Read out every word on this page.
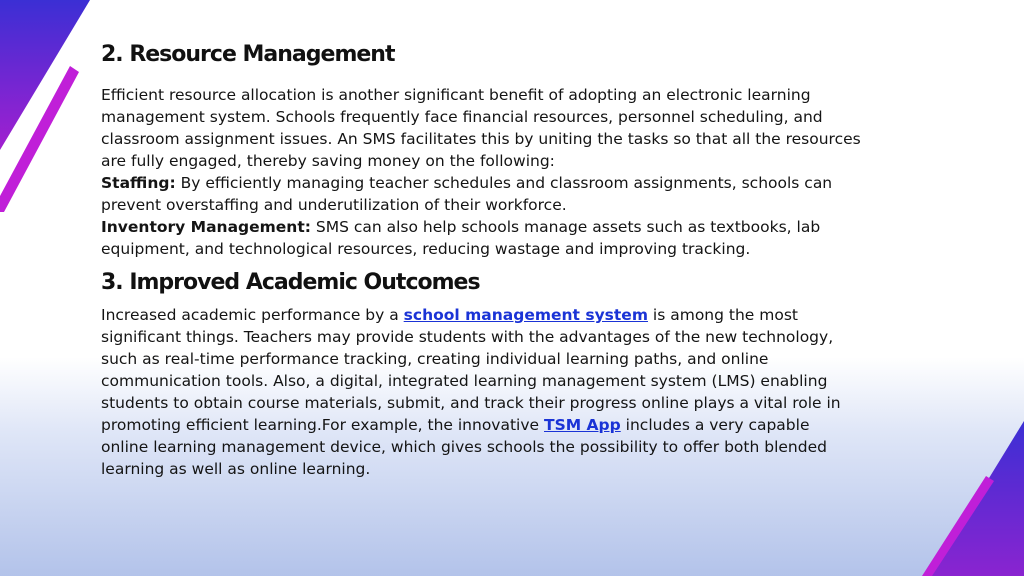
2. Resource Management

Efficient resource allocation is another significant benefit of adopting an electronic learning management system. Schools frequently face financial resources, personnel scheduling, and classroom assignment issues. An SMS facilitates this by uniting the tasks so that all the resources are fully engaged, thereby saving money on the following:

Staffing: By efficiently managing teacher schedules and classroom assignments, schools can prevent overstaffing and underutilization of their workforce.

Inventory Management: SMS can also help schools manage assets such as textbooks, lab equipment, and technological resources, reducing wastage and improving tracking.

3. Improved Academic Outcomes

Increased academic performance by a school management system is among the most significant things. Teachers may provide students with the advantages of the new technology, such as real-time performance tracking, creating individual learning paths, and online communication tools. Also, a digital, integrated learning management system (LMS) enabling students to obtain course materials, submit, and track their progress online plays a vital role in promoting efficient learning.For example, the innovative TSM App includes a very capable online learning management device, which gives schools the possibility to offer both blended learning as well as online learning.
